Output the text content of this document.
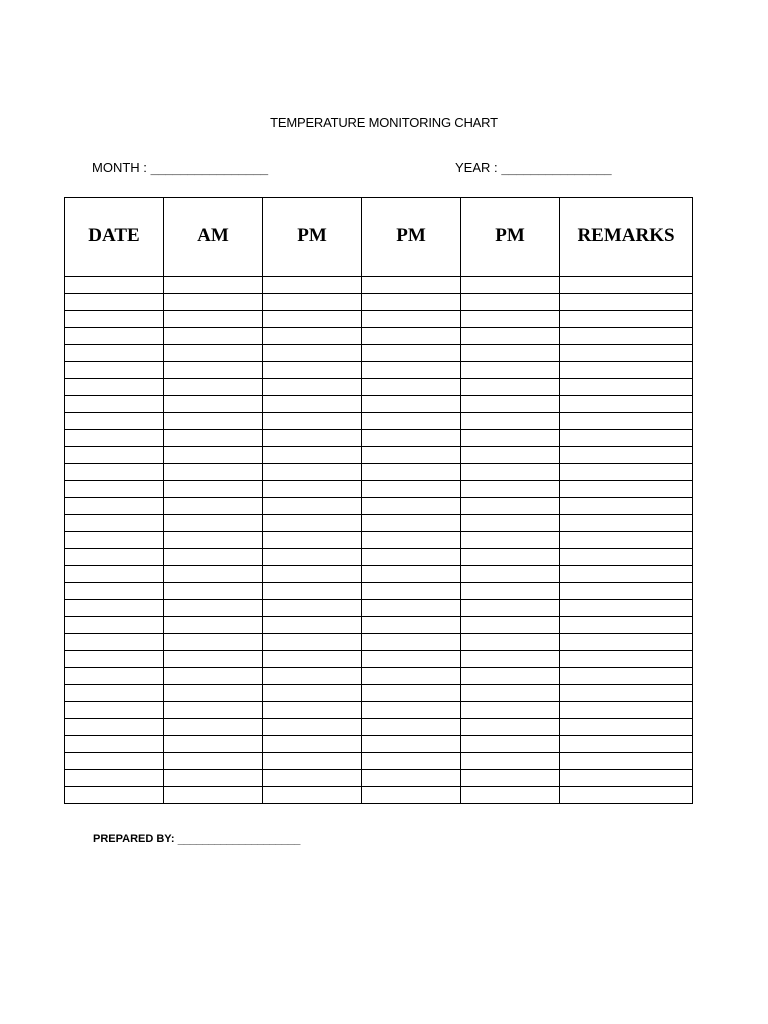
TEMPERATURE MONITORING CHART
MONTH : ________________	YEAR : _______________
DATE	AM	PM	PM	PM	REMARKS

PREPARED BY: ____________________
